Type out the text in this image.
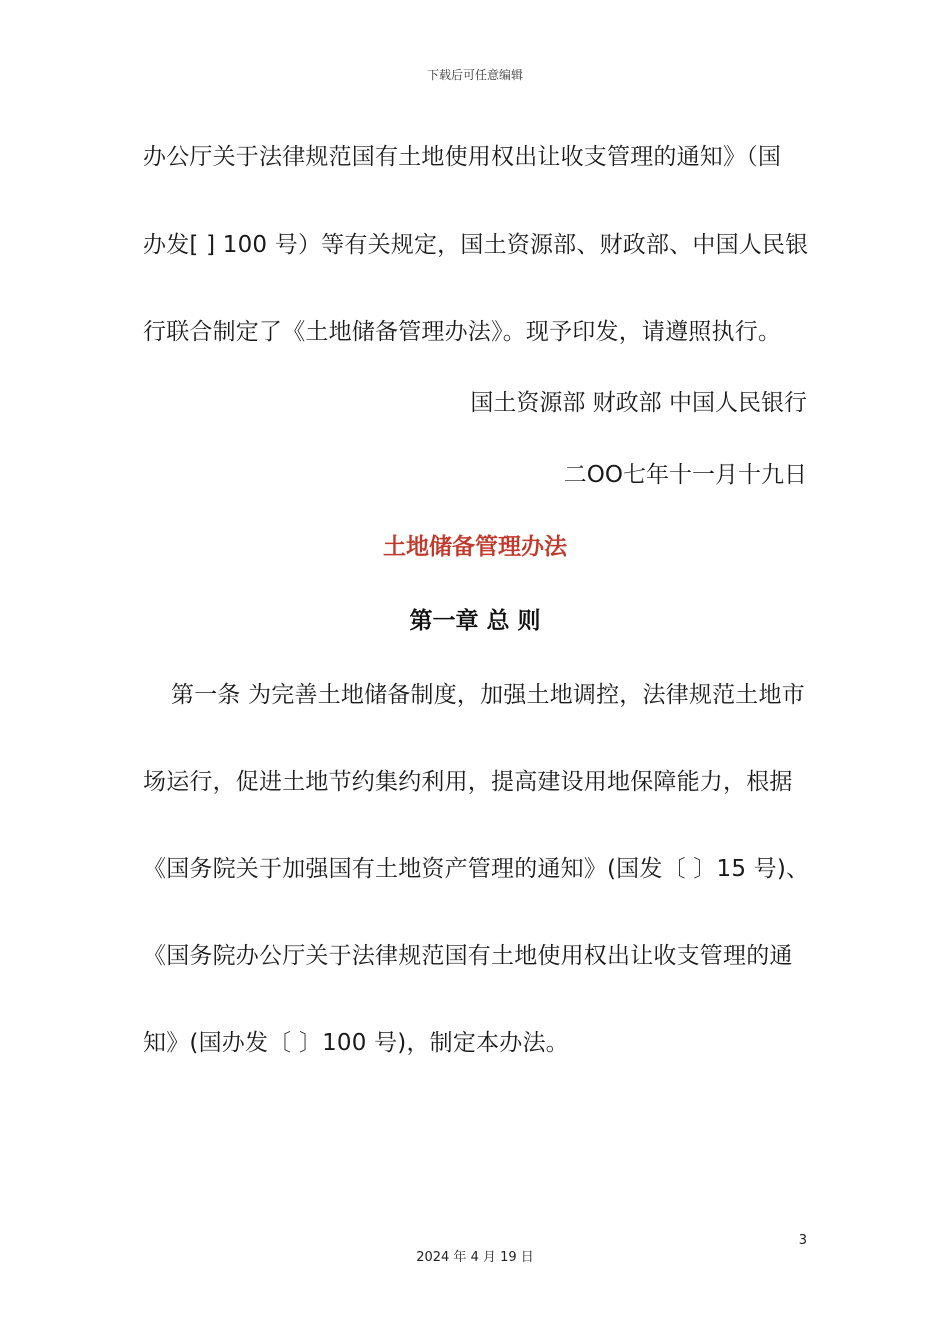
下载后可任意编辑
办公厅关于法律规范国有土地使用权出让收支管理的通知》（国
办发[ ] 100 号）等有关规定，国土资源部、财政部、中国人民银
行联合制定了《土地储备管理办法》。现予印发，请遵照执行。
国土资源部 财政部 中国人民银行
二OO七年十一月十九日
土地储备管理办法
第一章 总 则
第一条 为完善土地储备制度，加强土地调控，法律规范土地市
场运行，促进土地节约集约利用，提高建设用地保障能力，根据
《国务院关于加强国有土地资产管理的通知》(国发〔 〕15 号)、
《国务院办公厅关于法律规范国有土地使用权出让收支管理的通
知》(国办发〔 〕100 号)，制定本办法。
3
2024 年 4 月 19 日
